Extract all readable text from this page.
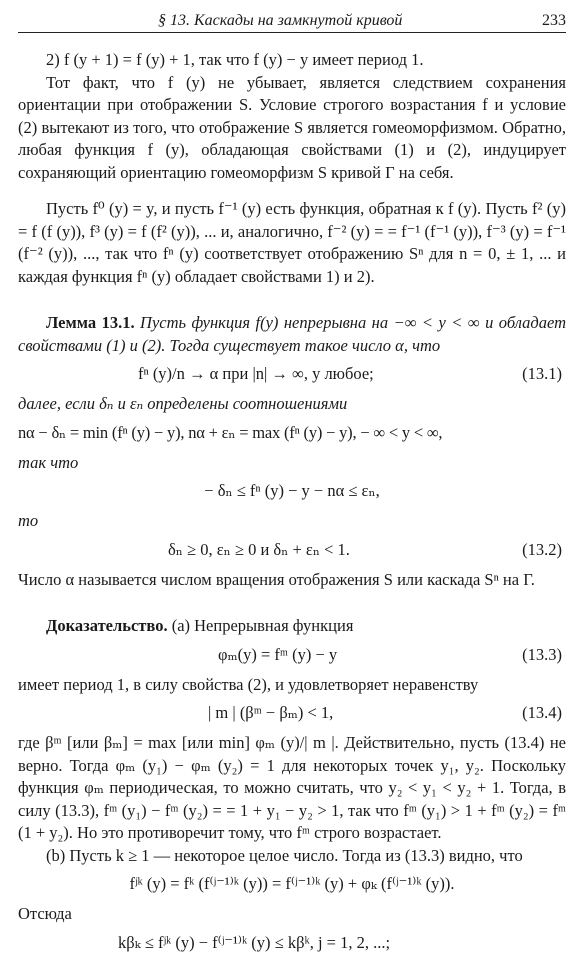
§ 13. Каскады на замкнутой кривой	233

2) f (y + 1) = f (y) + 1, так что f (y) − y имеет период 1.

Тот факт, что f (y) не убывает, является следствием сохранения ориентации при отображении S. Условие строгого возрастания f и условие (2) вытекают из того, что отображение S является гомеоморфизмом. Обратно, любая функция f (y), обладающая свойствами (1) и (2), индуцирует сохраняющий ориентацию гомеоморфизм S кривой Γ на себя.

Пусть f⁰ (y) = y, и пусть f⁻¹ (y) есть функция, обратная к f (y). Пусть f² (y) = f (f (y)), f³ (y) = f (f² (y)), ... и, аналогично, f⁻² (y) = = f⁻¹ (f⁻¹ (y)), f⁻³ (y) = f⁻¹ (f⁻² (y)), ..., так что fⁿ (y) соответствует отображению Sⁿ для n = 0, ± 1, ... и каждая функция fⁿ (y) обладает свойствами 1) и 2).

Лемма 13.1. Пусть функция f(y) непрерывна на −∞ < y < ∞ и обладает свойствами (1) и (2). Тогда существует такое число α, что

fⁿ (y)/n → α при |n| → ∞, y любое;	(13.1)

далее, если δₙ и εₙ определены соотношениями

nα − δₙ = min (fⁿ (y) − y), nα + εₙ = max (fⁿ (y) − y), − ∞ < y < ∞,

так что

− δₙ ≤ fⁿ (y) − y − nα ≤ εₙ,

то

δₙ ≥ 0, εₙ ≥ 0 и δₙ + εₙ < 1.	(13.2)

Число α называется числом вращения отображения S или каскада Sⁿ на Γ.

Доказательство. (a) Непрерывная функция

φₘ(y) = fᵐ (y) − y	(13.3)

имеет период 1, в силу свойства (2), и удовлетворяет неравенству

| m | (βᵐ − βₘ) < 1,	(13.4)

где βᵐ [или βₘ] = max [или min] φₘ (y)/| m |. Действительно, пусть (13.4) не верно. Тогда φₘ (y₁) − φₘ (y₂) = 1 для некоторых точек y₁, y₂. Поскольку функция φₘ периодическая, то можно считать, что y₂ < y₁ < y₂ + 1. Тогда, в силу (13.3), fᵐ (y₁) − fᵐ (y₂) = = 1 + y₁ − y₂ > 1, так что fᵐ (y₁) > 1 + fᵐ (y₂) = fᵐ (1 + y₂). Но это противоречит тому, что fᵐ строго возрастает.

(b) Пусть k ≥ 1 — некоторое целое число. Тогда из (13.3) видно, что

fʲᵏ (y) = fᵏ (f⁽ʲ⁻¹⁾ᵏ (y)) = f⁽ʲ⁻¹⁾ᵏ (y) + φₖ (f⁽ʲ⁻¹⁾ᵏ (y)).

Отсюда

kβₖ ≤ fʲᵏ (y) − f⁽ʲ⁻¹⁾ᵏ (y) ≤ kβᵏ, j = 1, 2, ...;
